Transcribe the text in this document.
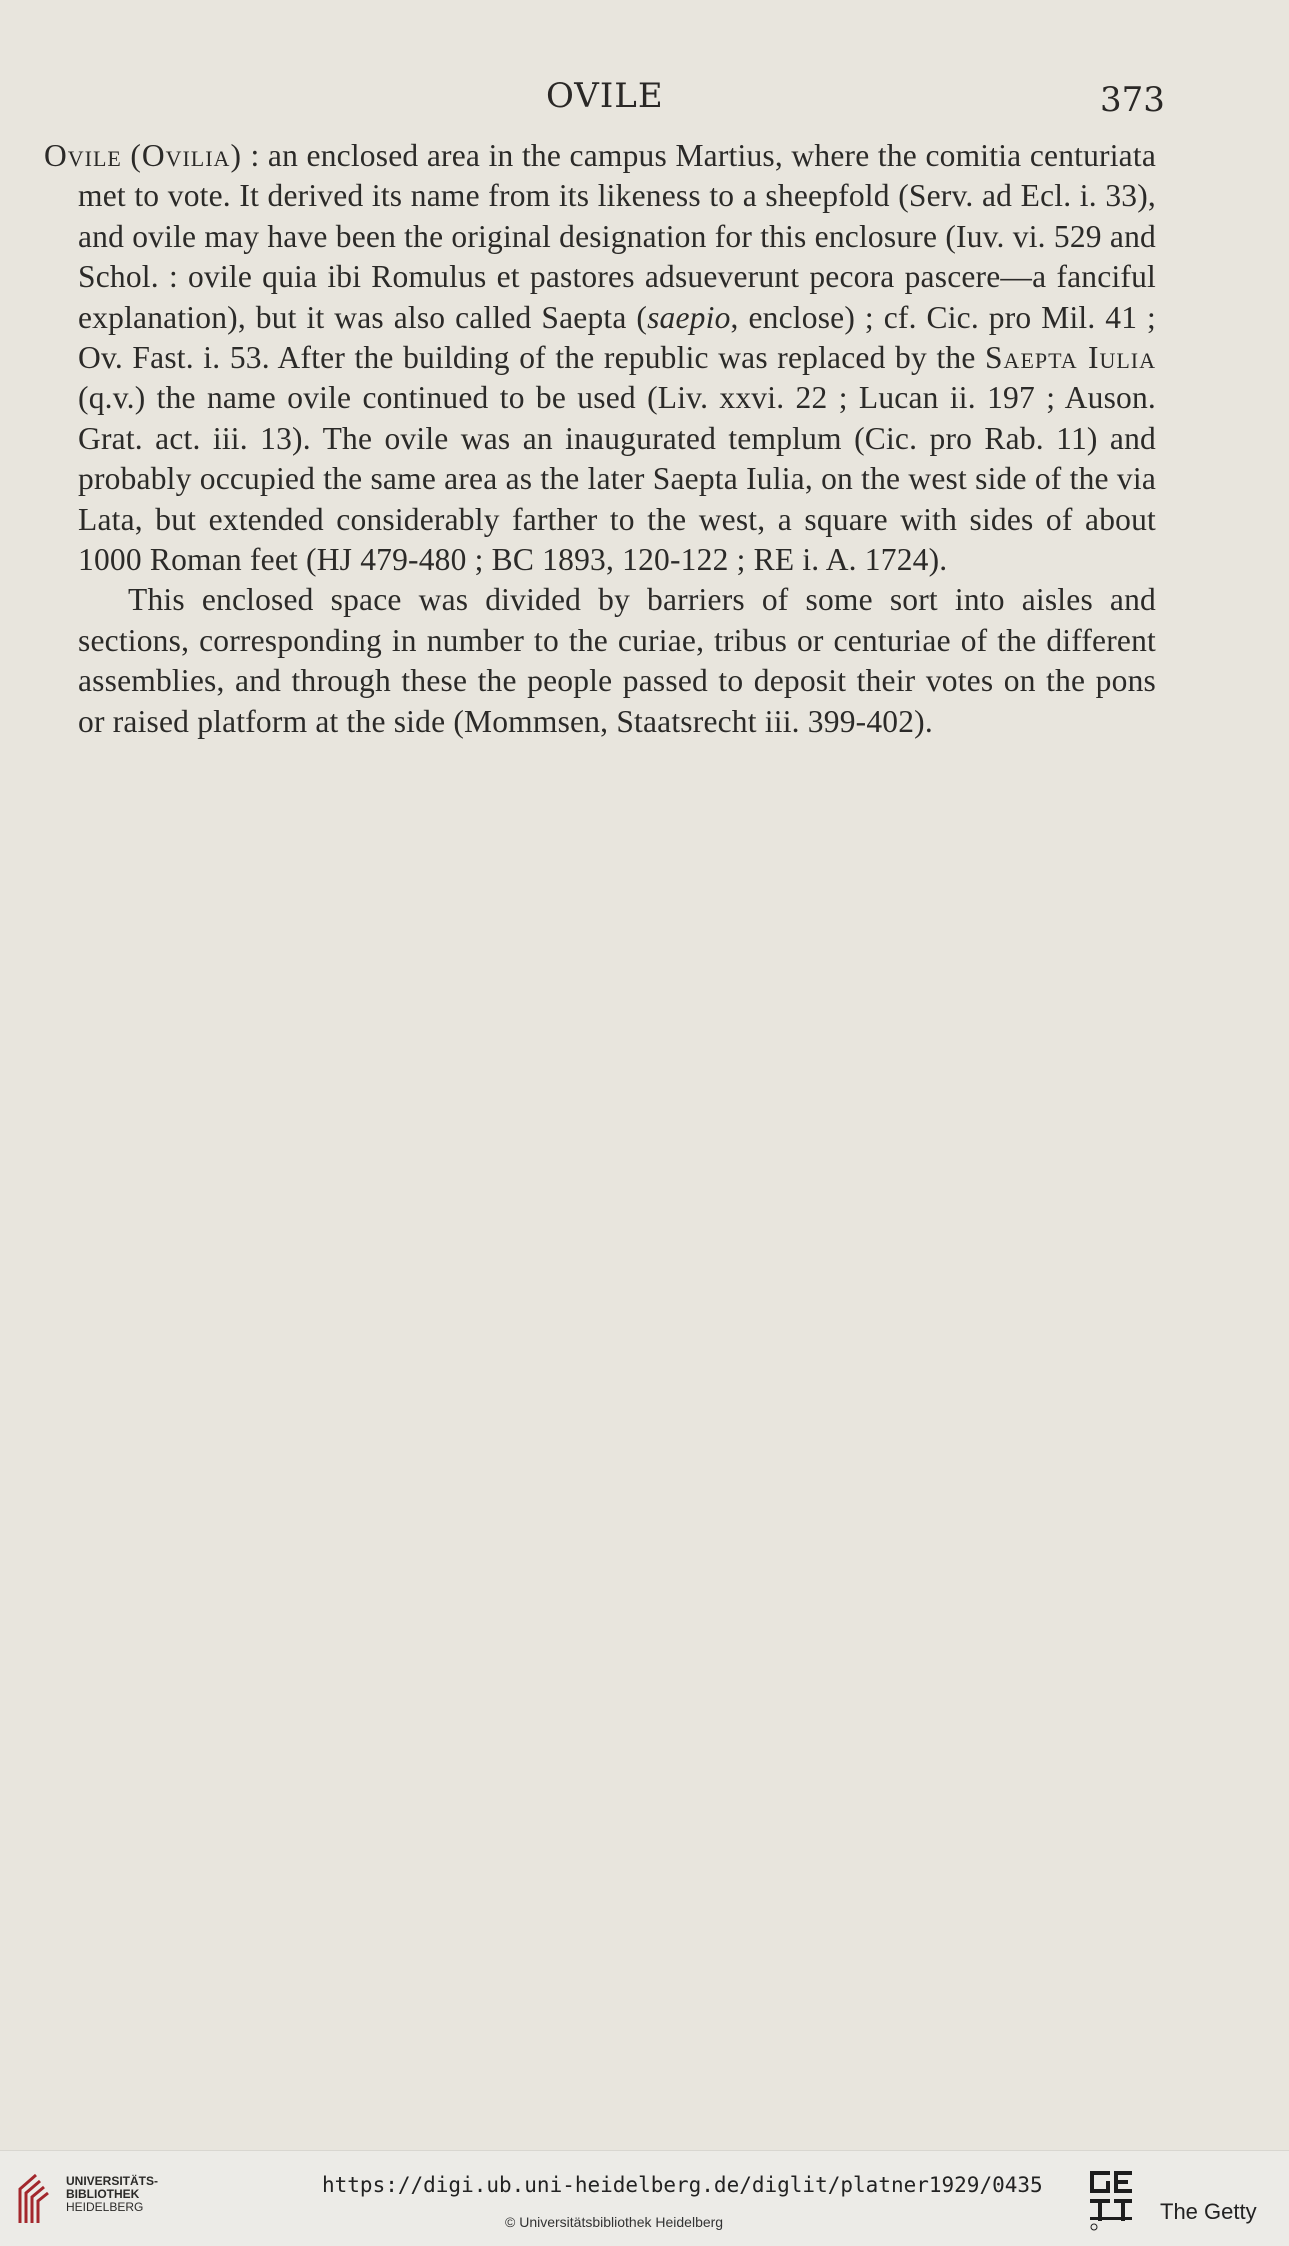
OVILE	373

Ovile (Ovilia) : an enclosed area in the campus Martius, where the comitia centuriata met to vote. It derived its name from its likeness to a sheepfold (Serv. ad Ecl. i. 33), and ovile may have been the original designation for this enclosure (Iuv. vi. 529 and Schol. : ovile quia ibi Romulus et pastores adsueverunt pecora pascere—a fanciful explanation), but it was also called Saepta (saepio, enclose) ; cf. Cic. pro Mil. 41 ; Ov. Fast. i. 53. After the building of the republic was replaced by the Saepta Iulia (q.v.) the name ovile continued to be used (Liv. xxvi. 22 ; Lucan ii. 197 ; Auson. Grat. act. iii. 13). The ovile was an inaugurated templum (Cic. pro Rab. 11) and probably occupied the same area as the later Saepta Iulia, on the west side of the via Lata, but extended considerably farther to the west, a square with sides of about 1000 Roman feet (HJ 479-480 ; BC 1893, 120-122 ; RE i. A. 1724).

This enclosed space was divided by barriers of some sort into aisles and sections, corresponding in number to the curiae, tribus or centuriae of the different assemblies, and through these the people passed to deposit their votes on the pons or raised platform at the side (Mommsen, Staatsrecht iii. 399-402).

UNIVERSITÄTS-
BIBLIOTHEK
HEIDELBERG
https://digi.ub.uni-heidelberg.de/diglit/platner1929/0435
© Universitätsbibliothek Heidelberg	The Getty
